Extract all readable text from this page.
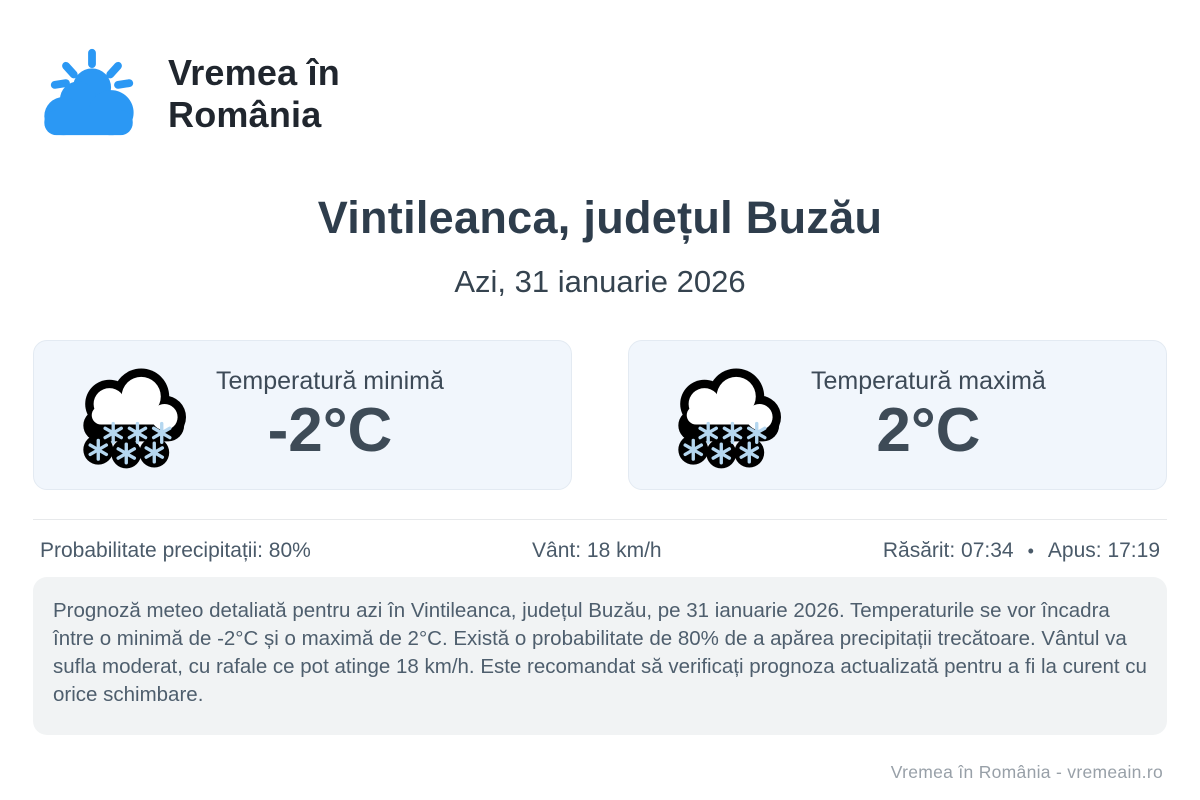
Vremea în
România
Vintileanca, județul Buzău
Azi, 31 ianuarie 2026
Temperatură minimă
-2°C
Temperatură maximă
2°C
Probabilitate precipitații: 80%	Vânt: 18 km/h	Răsărit: 07:34 • Apus: 17:19
Prognoză meteo detaliată pentru azi în Vintileanca, județul Buzău, pe 31 ianuarie 2026. Temperaturile se vor încadra între o minimă de -2°C și o maximă de 2°C. Există o probabilitate de 80% de a apărea precipitații trecătoare. Vântul va sufla moderat, cu rafale ce pot atinge 18 km/h. Este recomandat să verificați prognoza actualizată pentru a fi la curent cu orice schimbare.
Vremea în România - vremeain.ro
